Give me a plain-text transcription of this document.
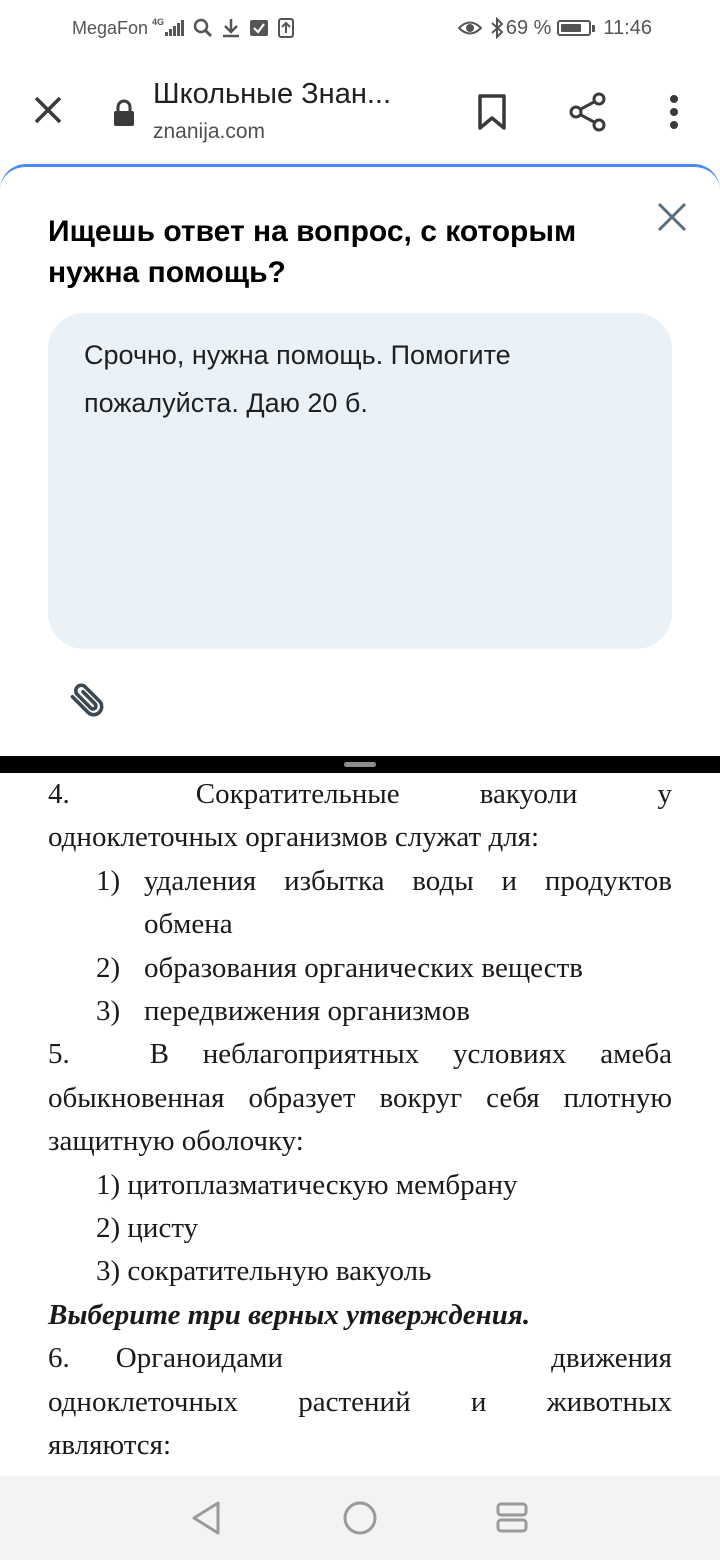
MegaFon 4G	69 %	11:46
Школьные Знан...
znanija.com
Ищешь ответ на вопрос, с которым нужна помощь?
Срочно, нужна помощь. Помогите пожалуйста. Даю 20 б.
4.	Сократительные	вакуоли	у
одноклеточных организмов служат для:
1) удаления избытка воды и продуктов
обмена
2) образования органических веществ
3) передвижения организмов
5.	В неблагоприятных условиях амеба
обыкновенная образует вокруг себя плотную
защитную оболочку:
1) цитоплазматическую мембрану
2) цисту
3) сократительную вакуоль
Выберите три верных утверждения.
6. Органоидами	движения
одноклеточных растений и животных
являются:
